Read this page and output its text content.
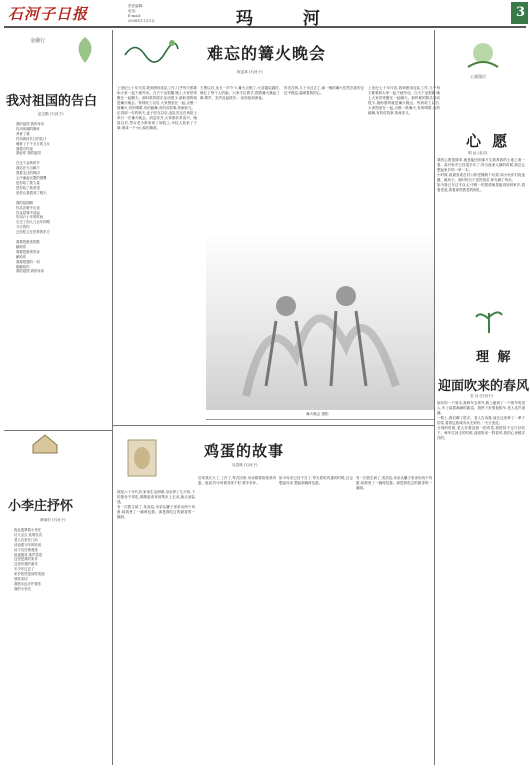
石河子日报	责任编辑:
电话:
E-mail:
2008年11月5日	玛 河	3
难忘的篝火晚会
阿孟林 (石河子)

上世纪七十年代初,我到团场连队工作,几乎每天都要和大家一起下地劳动。白天干活很累,晚上大家常常聚在一起聊天。那时候的娱乐活动很少,最盼望的就是篝火晚会。每到收工以后,大家围坐在一起,点燃一堆篝火,有的唱歌,有的跳舞,有的讲故事,热闹非凡。

记得那一年的秋天,麦子收完以后,连队决定在场院上举行一次篝火晚会。消息传开,大家都非常高兴。晚饭以后,男女老少都来到了场院上,年轻人抬来了干柴,堆成一个小山似的柴堆。

天黑以后,连长一声令下,篝火点燃了,火苗越烧越旺,映红了每个人的脸。大家手拉着手,围着篝火跳起了舞,歌声、笑声此起彼伏,一直持续到深夜。

时光荏苒,几十年过去了,那一晚的篝火依然在我的记忆中燃烧,温暖着我的心。

上世纪七十年代初,我到团场连队工作,几乎每天都要和大家一起下地劳动。白天干活很累,晚上大家常常聚在一起聊天。那时候的娱乐活动很少,最盼望的就是篝火晚会。每到收工以后,大家围坐在一起,点燃一堆篝火,有的唱歌,有的跳舞,有的讲故事,热闹非凡。

篝火晚会 摄影
金融行
我对祖国的告白
赵宝勤 (石河子)
我的祖国 我的母亲
你用宽阔的胸怀
养育了我
你用黄河长江的乳汁
哺育了千千万万的儿女
我要对你说
我爱你 我的祖国
在这个金秋时节
我站在天山脚下
望着无边的棉田
心中涌起无限的感慨
是你给了我力量
是你给了我希望
是你让我看到了明天
我的祖国啊
你从苦难中走来
你从屈辱中站起
你用六十年的时间
走完了别人几百年的路
今天的你
已经屹立在世界的东方
我要把最美的歌
献给你
我要把最美的诗
献给你
我要把我的一切
都献给你
我的祖国 我的母亲
心湖漫话
心 愿
明 远 (北京)

我的心愿很简单,就是能回到那片生我养我的土地上看一看。离开家乡已经很多年了,每当夜深人静的时候,我总会想起家乡的一草一木。

小时候,我最喜欢在村口的老槐树下玩耍,和小伙伴们捉迷藏、跳房子。那时的日子虽然清贫,却充满了快乐。

如今我已年过半百,心中唯一的愿望就是能再回到家乡,看看老屋,看看那些熟悉的面孔。

理 解
迎面吹来的春风
若 谷 (石河子)

那年的一个周末,我骑车去郊外,路上碰到了一个推车的老人,车上装着满满的蔬菜。我停下来帮他推车,老人连声道谢。

一路上,我们聊了很多。老人告诉我,他在这里种了一辈子的菜,看着这座城市从无到有,一天天变化。

分别的时候,老人非要送我一把青菜,我推辞不过只好收下。骑车往回走的时候,迎面吹来一阵春风,我的心里暖洋洋的。

小李庄抒怀
黄晓东 (石河子)
夜色笼罩着小李庄
灯火点点 炊烟袅袅
老人们坐在门前
谈论着今年的收成
孩子们在街巷里
追逐嬉戏 欢声笑语
这里是我的家乡
这里有我的童年
多少年过去了
家乡依然是那样美丽
那样亲切
我愿永远守护着你
我的小李庄
鸡蛋的故事
吴春林 (石河子)

那是六十年代初,家里生活困难,母亲养了几只鸡,下的蛋舍不得吃,都攒起来拿到集市上去卖,换点油盐钱。

有一次我生病了,发高烧,母亲从罐子里拿出两个鸡蛋,给我煮了一碗荷包蛋。那是我吃过的最香的一碗面。

后来我长大了,工作了,每次回家,母亲都要给我煮鸡蛋。她说,你小时候身体不好,要多补补。

如今母亲已经不在了,每当我吃鸡蛋的时候,总会想起母亲,想起那碗荷包蛋。

有一次我生病了,发高烧,母亲从罐子里拿出两个鸡蛋,给我煮了一碗荷包蛋。那是我吃过的最香的一碗面。
